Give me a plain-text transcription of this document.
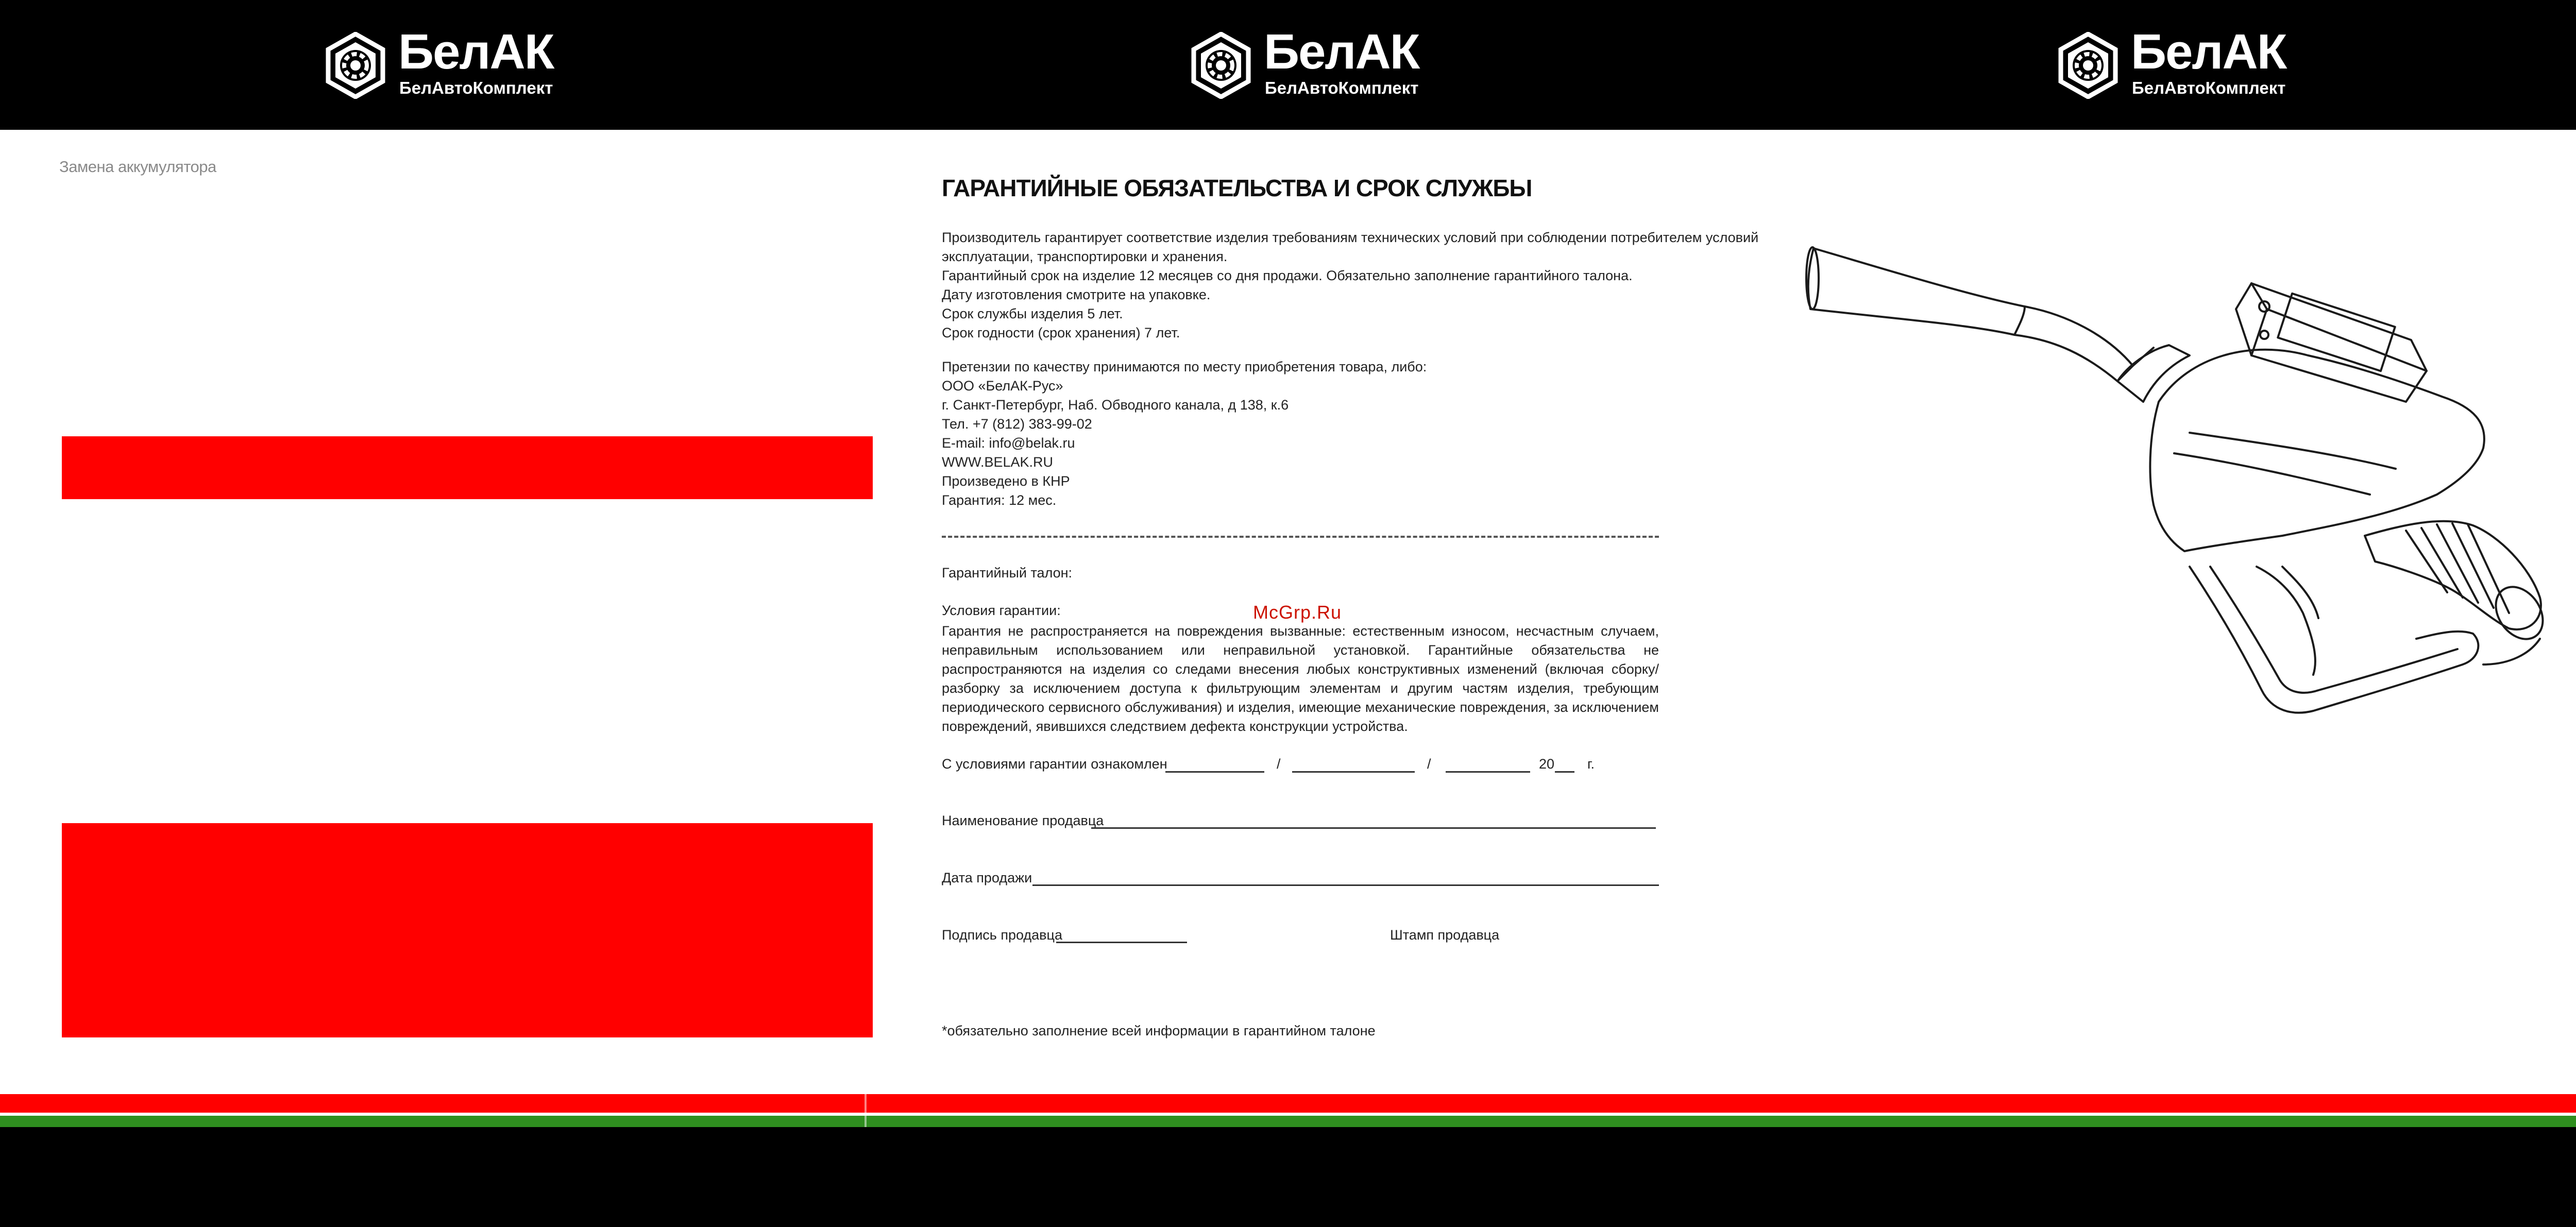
БелАК
БелАвтоКомплект
БелАК
БелАвтоКомплект
БелАК
БелАвтоКомплект
Замена аккумулятора
ГАРАНТИЙНЫЕ ОБЯЗАТЕЛЬСТВА И СРОК СЛУЖБЫ
Производитель гарантирует соответствие изделия требованиям технических условий при соблюдении потребителем условий
эксплуатации, транспортировки и хранения.
Гарантийный срок на изделие 12 месяцев со дня продажи. Обязательно заполнение гарантийного талона.
Дату изготовления смотрите на упаковке.
Срок службы изделия 5 лет.
Срок годности (срок хранения) 7 лет.
Претензии по качеству принимаются по месту приобретения товара, либо:
ООО «БелАК-Рус»
г. Санкт-Петербург, Наб. Обводного канала, д 138, к.6
Тел. +7 (812) 383-99-02
E-mail: info@belak.ru
WWW.BELAK.RU
Произведено в КНР
Гарантия: 12 мес.
Гарантийный талон:
Условия гарантии:
Гарантия не распространяется на повреждения вызванные: естественным износом, несчастным случаем, неправильным использованием или неправильной установкой. Гарантийные обязательства не распространяются на изделия со следами внесения любых конструктивных изменений (включая сборку/разборку за исключением доступа к фильтрующим элементам и другим частям изделия, требующим периодического сервисного обслуживания) и изделия, имеющие механические повреждения, за исключением повреждений, явившихся следствием дефекта конструкции устройства.
McGrp.Ru
С условиями гарантии ознакомлен	/	/	20 г.
Наименование продавца
Дата продажи
Подпись продавца	Штамп продавца
*обязательно заполнение всей информации в гарантийном талоне
